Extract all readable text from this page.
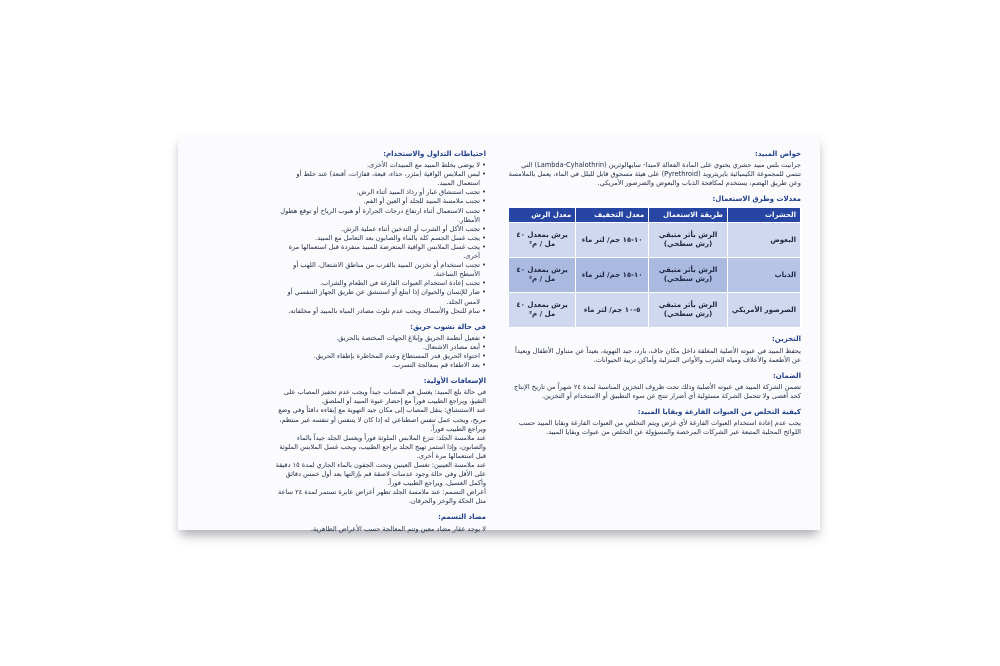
خواص المبيد:

جرانيت بلس مبيد حشري يحتوي على المادة الفعالة لامبدا- سايهالوثرين (Lambda-Cyhalothrin) التي تنتمي للمجموعة الكيميائية بايريثرويد (Pyrethroid) على هيئة مسحوق قابل للبلل في الماء، يعمل بالملامسة وعن طريق الهضم، يستخدم لمكافحة الذباب والبعوض والصرصور الأمريكي.

معدلات وطرق الاستعمال:
الحشرات	طريقة الاستعمال	معدل التخفيف	معدل الرش
البعوض	الرش بأثر متبقي (رش سطحي)	١٠-١٥ جم/ لتر ماء	يرش بمعدل ٤٠ مل / م²
الذباب	الرش بأثر متبقي (رش سطحي)	١٠-١٥ جم/ لتر ماء	يرش بمعدل ٤٠ مل / م²
الصرصور الأمريكي	الرش بأثر متبقي (رش سطحي)	٥-١٠ جم/ لتر ماء	يرش بمعدل ٤٠ مل / م²
التخزين:

يحفظ المبيد في عبوته الأصلية المغلقة داخل مكان جاف، بارد، جيد التهوية، بعيداً عن متناول الأطفال وبعيداً عن الأطعمة والأعلاف ومياه الشرب والأواني المنزلية وأماكن تربية الحيوانات.

الضمان:

تضمن الشركة المبيد في عبوته الأصلية وذلك تحت ظروف التخزين المناسبة لمدة ٢٤ شهراً من تاريخ الإنتاج كحد أقصى ولا تتحمل الشركة مسئولية أي أضرار تنتج عن سوء التطبيق أو الاستخدام أو التخزين.

كيفية التخلص من العبوات الفارغة وبقايا المبيد:

يجب عدم إعادة استخدام العبوات الفارغة لأي غرض ويتم التخلص من العبوات الفارغة وبقايا المبيد حسب اللوائح المحلية المتبعة عبر الشركات المرخصة والمسؤولة عن التخلص من عبوات وبقايا المبيد.

احتياطات التداول والاستخدام:
• لا يوصى بخلط المبيد مع المبيدات الأخرى.
• لبس الملابس الواقية (مئزر، حذاء، قبعة، قفازات، أقنعة) عند خلط أو استعمال المبيد.
• تجنب استنشاق غبار أو رذاذ المبيد أثناء الرش.
• تجنب ملامسة المبيد للجلد أو العين أو الفم.
• تجنب الاستعمال أثناء ارتفاع درجات الحرارة أو هبوب الرياح أو توقع هطول الأمطار.
• تجنب الأكل أو الشرب أو التدخين أثناء عملية الرش.
• يجب غسل الجسم كله بالماء والصابون بعد التعامل مع المبيد.
• يجب غسل الملابس الواقية المتعرضة للمبيد منفردة قبل استعمالها مرة أخرى.
• تجنب استخدام أو تخزين المبيد بالقرب من مناطق الاشتعال، اللهب أو الأسطح الساخنة.
• تجنب إعادة استخدام العبوات الفارغة في الطعام والشراب.
• ضار للإنسان والحيوان إذا ابتلع أو استنشق عن طريق الجهاز التنفسي أو لامس الجلد.
• سام للنحل والأسماك ويجب عدم تلوث مصادر المياه بالمبيد أو مخلفاته.
في حالة نشوب حريق:
• تفعيل أنظمة الحريق وإبلاغ الجهات المختصة بالحريق.
• أبعد مصادر الاشتعال.
• احتواء الحريق قدر المستطاع وعدم المخاطرة بإطفاء الحريق.
• بعد الاطفاء قم بمعالجة التسرب.
الإسعافات الأولية:

في حالة بلع المبيد: يغسل فم المصاب جيداً ويجب عدم تحفيز المصاب على التقيؤ، ويراجع الطبيب فوراً مع إحضار عبوة المبيد أو الملصق.

عند الاستنشاق: ينقل المصاب إلى مكان جيد التهوية مع إبقاءه دافئاً وفي وضع مريح، ويجب عمل تنفس اصطناعي له إذا كان لا يتنفس أو تنفسه غير منتظم، ويراجع الطبيب فوراً.

عند ملامسة الجلد: تنزع الملابس الملوثة فوراً ويغسل الجلد جيداً بالماء والصابون، وإذا استمر تهيج الجلد يراجع الطبيب، ويجب غسل الملابس الملوثة قبل استعمالها مرة أخرى.

عند ملامسة العينين: تغسل العينين وتحت الجفون بالماء الجاري لمدة ١٥ دقيقة على الأقل وفي حالة وجود عدسات لاصقة قم بإزالتها بعد أول خمس دقائق وأكمل الغسيل، ويراجع الطبيب فوراً.

أعراض التسمم: عند ملامسة الجلد تظهر أعراض عابرة تستمر لمدة ٢٤ ساعة مثل الحكة والوخز والحرقان.

مضاد التسمم:

لا يوجد عقار مضاد معين وتتم المعالجة حسب الأعراض الظاهرية.
